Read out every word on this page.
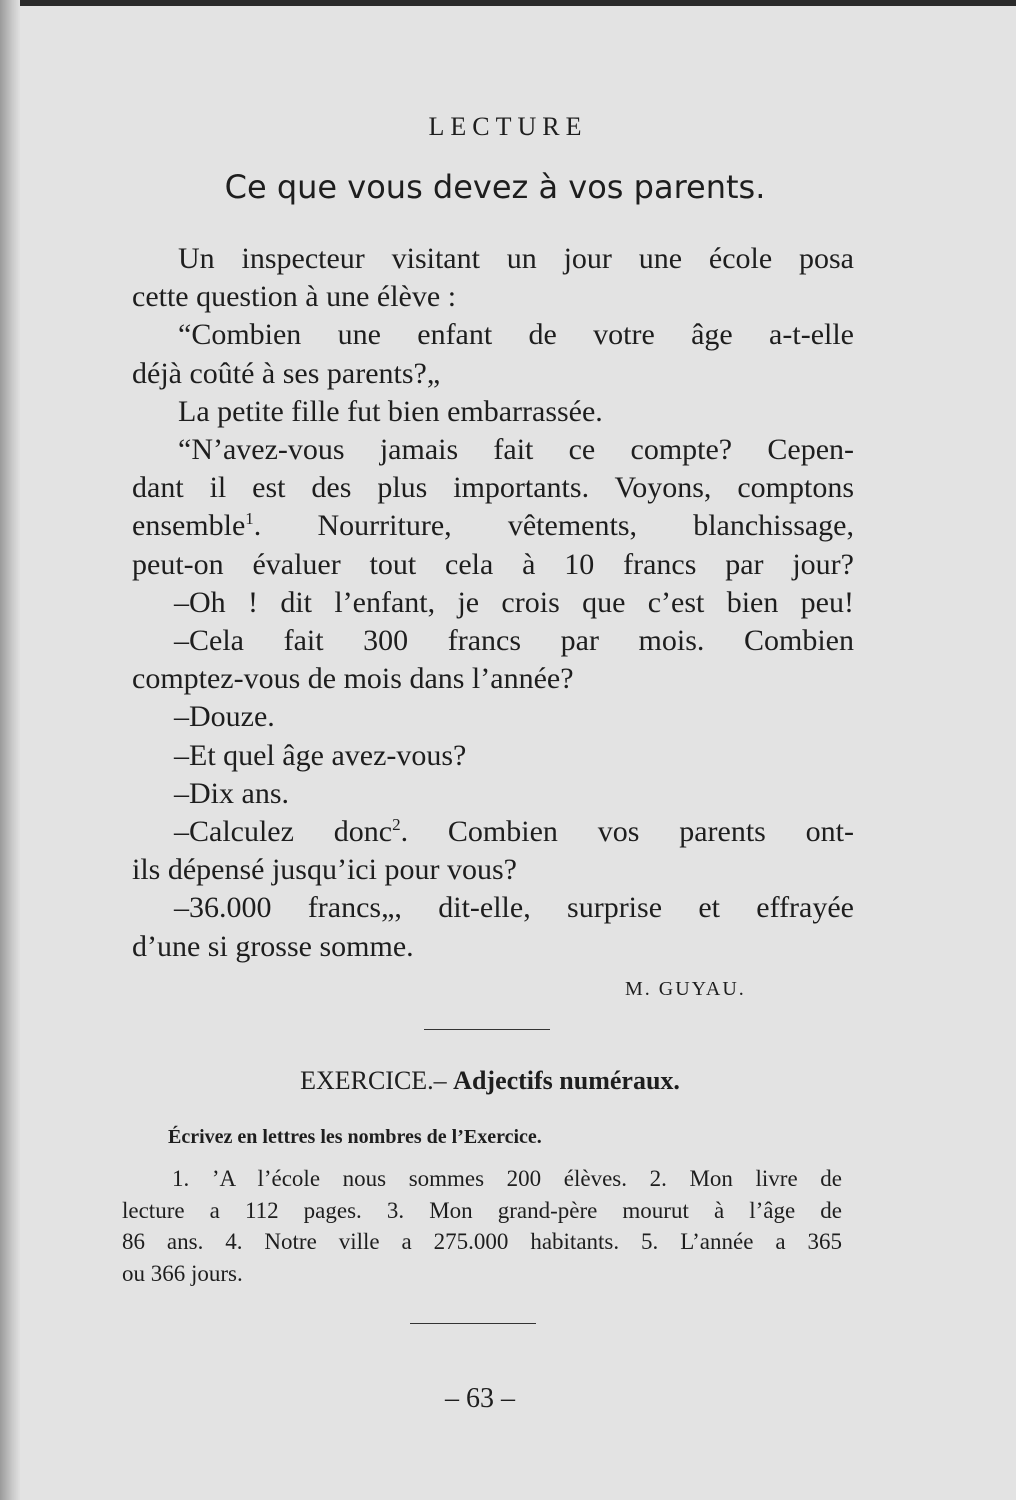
LECTURE
Ce que vous devez à vos parents.
Un inspecteur visitant un jour une école posa
cette question à une élève :
“Combien une enfant de votre âge a-t-elle
déjà coûté à ses parents?„
La petite fille fut bien embarrassée.
“N’avez-vous jamais fait ce compte? Cepen-
dant il est des plus importants. Voyons, comptons
ensemble$^1$. Nourriture, vêtements, blanchissage,
peut-on évaluer tout cela à 10 francs par jour?
–Oh ! dit l’enfant, je crois que c’est bien peu!
–Cela fait 300 francs par mois. Combien
comptez-vous de mois dans l’année?
–Douze.
–Et quel âge avez-vous?
–Dix ans.
–Calculez donc$^2$. Combien vos parents ont-
ils dépensé jusqu’ici pour vous?
–36.000 francs„, dit-elle, surprise et effrayée
d’une si grosse somme.
M. GUYAU.
EXERCICE.– Adjectifs numéraux.
Écrivez en lettres les nombres de l’Exercice.
1. ’A l’école nous sommes 200 élèves. 2. Mon livre de
lecture a 112 pages. 3. Mon grand-père mourut à l’âge de
86 ans. 4. Notre ville a 275.000 habitants. 5. L’année a 365
ou 366 jours.
– 63 –
